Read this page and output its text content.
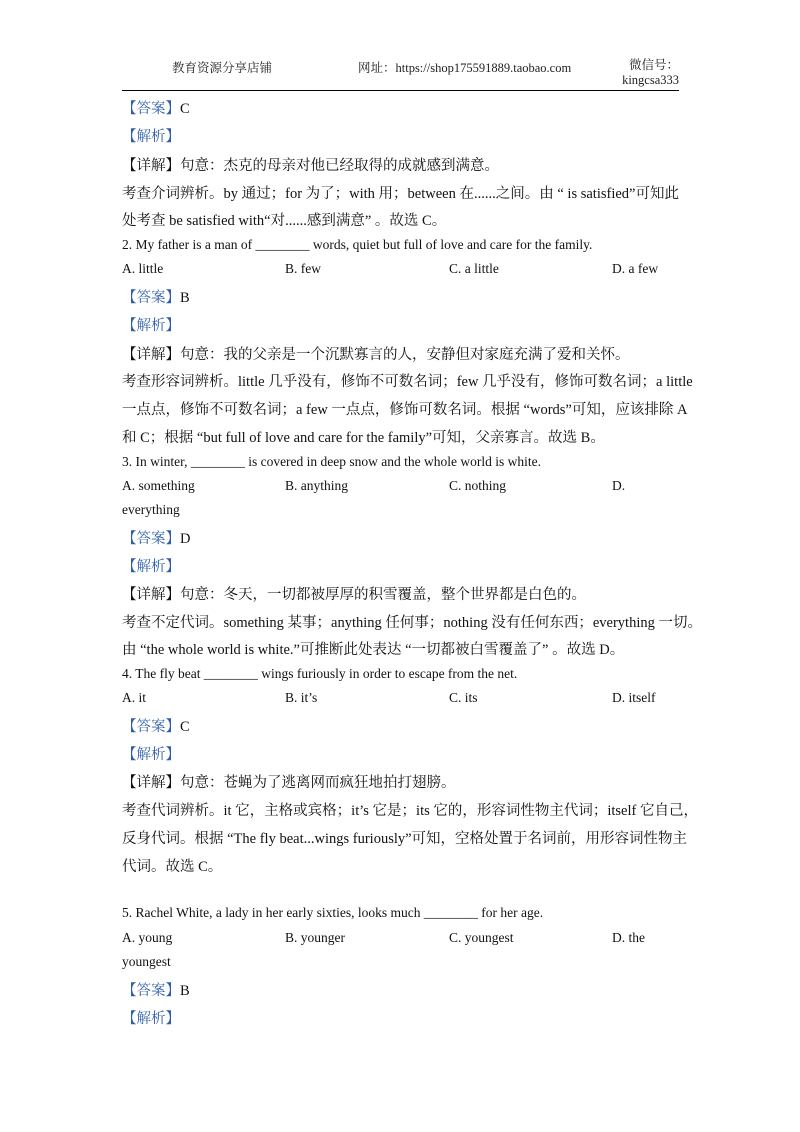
教育资源分享店铺	网址：https://shop175591889.taobao.com	微信号：
kingcsa333
【答案】C
【解析】
【详解】句意：杰克的母亲对他已经取得的成就感到满意。
考查介词辨析。by 通过；for 为了；with 用；between 在......之间。由 “ is satisfied”可知此
处考查 be satisfied with“对......感到满意” 。故选 C。
2. My father is a man of ________ words, quiet but full of love and care for the family.
A. little	B. few	C. a little	D. a few
【答案】B
【解析】
【详解】句意：我的父亲是一个沉默寡言的人，安静但对家庭充满了爱和关怀。
考查形容词辨析。little 几乎没有，修饰不可数名词；few 几乎没有，修饰可数名词；a little
一点点，修饰不可数名词；a few 一点点，修饰可数名词。根据 “words”可知，应该排除 A
和 C；根据 “but full of love and care for the family”可知，父亲寡言。故选 B。
3. In winter, ________ is covered in deep snow and the whole world is white.
A. something	B. anything	C. nothing	D.
everything
【答案】D
【解析】
【详解】句意：冬天，一切都被厚厚的积雪覆盖，整个世界都是白色的。
考查不定代词。something 某事；anything 任何事；nothing 没有任何东西；everything 一切。
由 “the whole world is white.”可推断此处表达 “一切都被白雪覆盖了” 。故选 D。
4. The fly beat ________ wings furiously in order to escape from the net.
A. it	B. it’s	C. its	D. itself
【答案】C
【解析】
【详解】句意：苍蝇为了逃离网而疯狂地拍打翅膀。
考查代词辨析。it 它，主格或宾格；it’s 它是；its 它的，形容词性物主代词；itself 它自己，
反身代词。根据 “The fly beat...wings furiously”可知，空格处置于名词前，用形容词性物主
代词。故选 C。
5. Rachel White, a lady in her early sixties, looks much ________ for her age.
A. young	B. younger	C. youngest	D. the
youngest
【答案】B
【解析】
